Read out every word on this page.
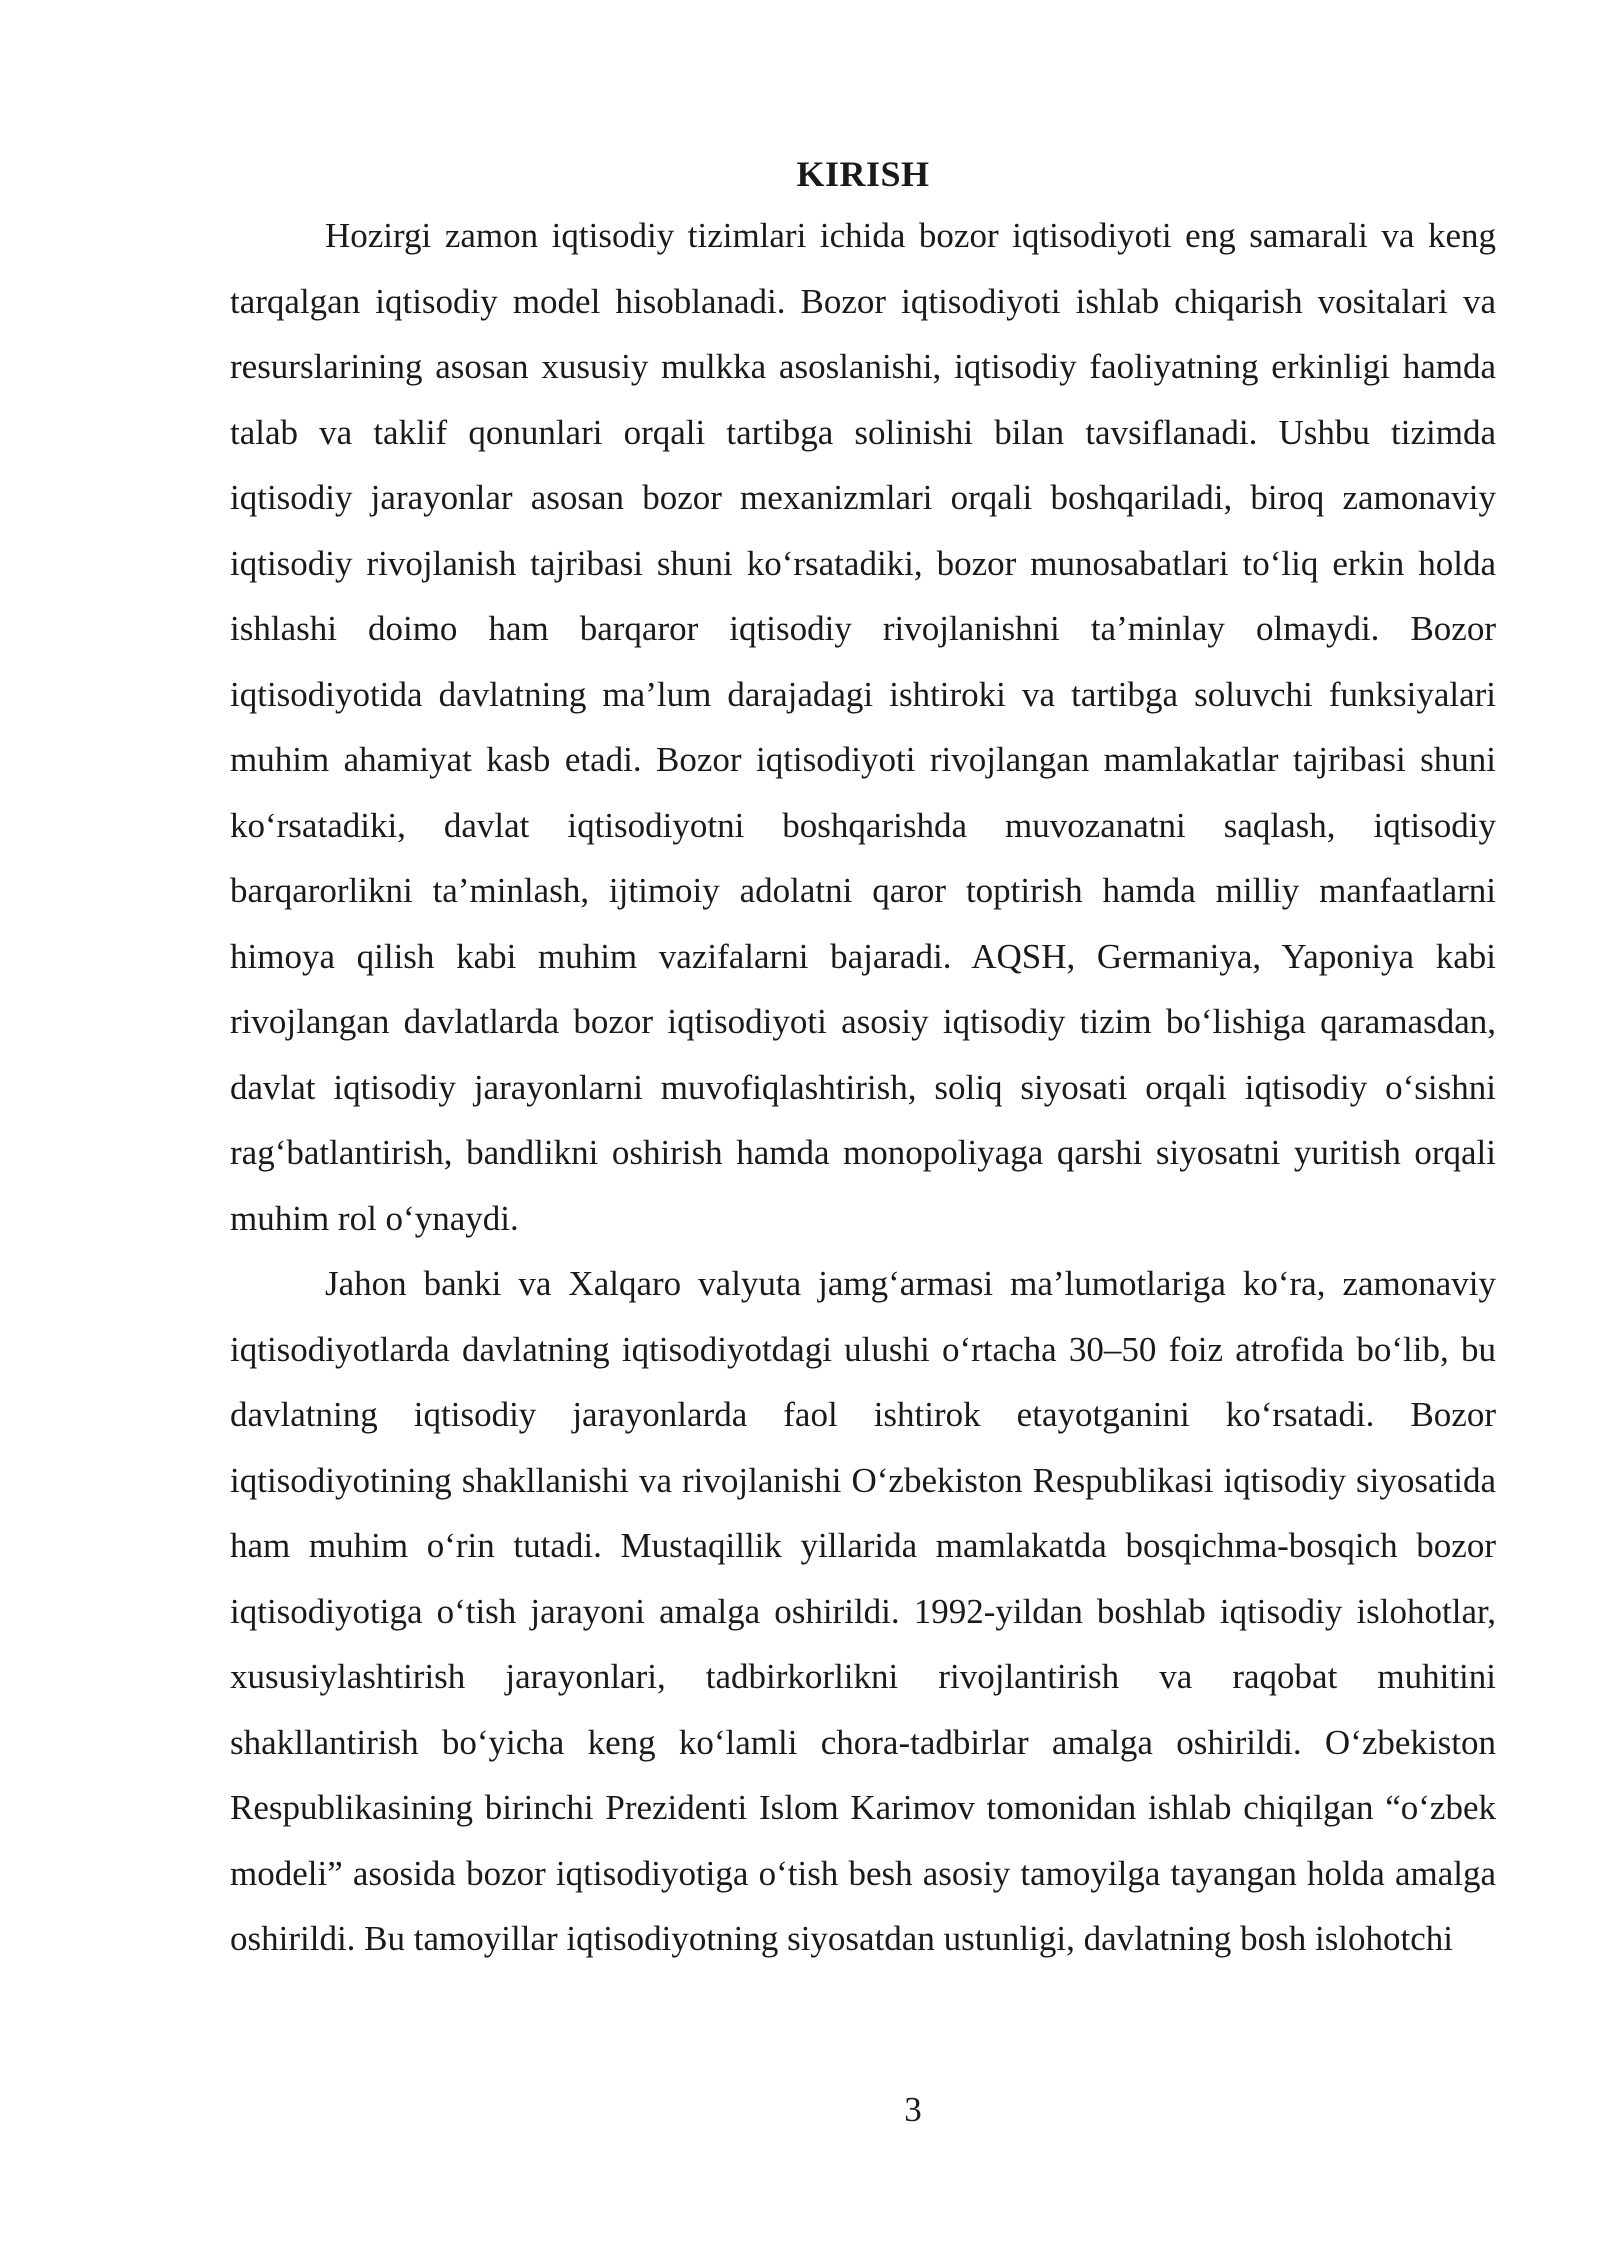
KIRISH

Hozirgi zamon iqtisodiy tizimlari ichida bozor iqtisodiyoti eng samarali va keng tarqalgan iqtisodiy model hisoblanadi. Bozor iqtisodiyoti ishlab chiqarish vositalari va resurslarining asosan xususiy mulkka asoslanishi, iqtisodiy faoliyatning erkinligi hamda talab va taklif qonunlari orqali tartibga solinishi bilan tavsiflanadi. Ushbu tizimda iqtisodiy jarayonlar asosan bozor mexanizmlari orqali boshqariladi, biroq zamonaviy iqtisodiy rivojlanish tajribasi shuni ko‘rsatadiki, bozor munosabatlari to‘liq erkin holda ishlashi doimo ham barqaror iqtisodiy rivojlanishni ta’minlay olmaydi. Bozor iqtisodiyotida davlatning ma’lum darajadagi ishtiroki va tartibga soluvchi funksiyalari muhim ahamiyat kasb etadi. Bozor iqtisodiyoti rivojlangan mamlakatlar tajribasi shuni ko‘rsatadiki, davlat iqtisodiyotni boshqarishda muvozanatni saqlash, iqtisodiy barqarorlikni ta’minlash, ijtimoiy adolatni qaror toptirish hamda milliy manfaatlarni himoya qilish kabi muhim vazifalarni bajaradi. AQSH, Germaniya, Yaponiya kabi rivojlangan davlatlarda bozor iqtisodiyoti asosiy iqtisodiy tizim bo‘lishiga qaramasdan, davlat iqtisodiy jarayonlarni muvofiqlashtirish, soliq siyosati orqali iqtisodiy o‘sishni rag‘batlantirish, bandlikni oshirish hamda monopoliyaga qarshi siyosatni yuritish orqali muhim rol o‘ynaydi.

Jahon banki va Xalqaro valyuta jamg‘armasi ma’lumotlariga ko‘ra, zamonaviy iqtisodiyotlarda davlatning iqtisodiyotdagi ulushi o‘rtacha 30–50 foiz atrofida bo‘lib, bu davlatning iqtisodiy jarayonlarda faol ishtirok etayotganini ko‘rsatadi. Bozor iqtisodiyotining shakllanishi va rivojlanishi O‘zbekiston Respublikasi iqtisodiy siyosatida ham muhim o‘rin tutadi. Mustaqillik yillarida mamlakatda bosqichma-bosqich bozor iqtisodiyotiga o‘tish jarayoni amalga oshirildi. 1992-yildan boshlab iqtisodiy islohotlar, xususiylashtirish jarayonlari, tadbirkorlikni rivojlantirish va raqobat muhitini shakllantirish bo‘yicha keng ko‘lamli chora-tadbirlar amalga oshirildi. O‘zbekiston Respublikasining birinchi Prezidenti Islom Karimov tomonidan ishlab chiqilgan “o‘zbek modeli” asosida bozor iqtisodiyotiga o‘tish besh asosiy tamoyilga tayangan holda amalga oshirildi. Bu tamoyillar iqtisodiyotning siyosatdan ustunligi, davlatning bosh islohotchi

3
